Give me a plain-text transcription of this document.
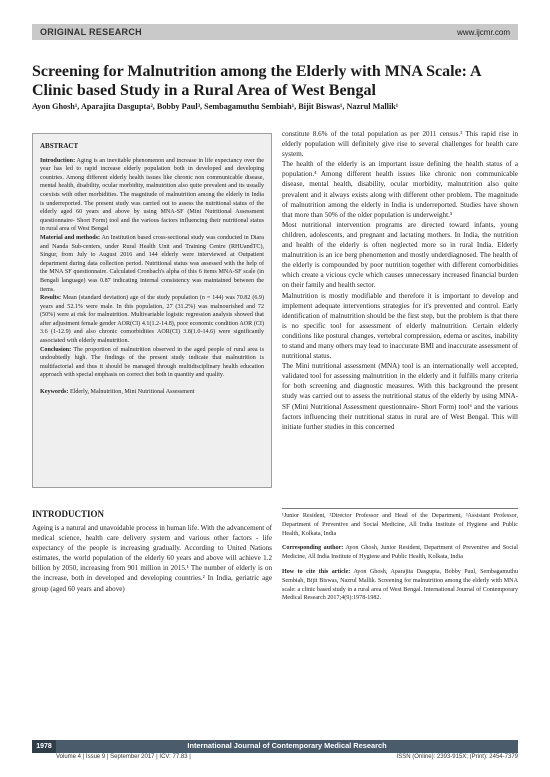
ORIGINAL RESEARCH	www.ijcmr.com
Screening for Malnutrition among the Elderly with MNA Scale: A Clinic based Study in a Rural Area of West Bengal
Ayon Ghosh¹, Aparajita Dasgupta², Bobby Paul³, Sembagamuthu Sembiah¹, Bijit Biswas¹, Nazrul Mallik¹
ABSTRACT

Introduction: Aging is an inevitable phenomenon and increase in life expectancy over the year has led to rapid increase elderly population both in developed and developing countries. Among different elderly health issues like chronic non communicable disease, mental health, disability, ocular morbidity, malnutrition also quite prevalent and its usually coexists with other morbidities. The magnitude of malnutrition among the elderly in India is underreported. The present study was carried out to assess the nutritional status of the elderly aged 60 years and above by using MNA-SF (Mini Nutritional Assessment questionnaire- Short Form) tool and the various factors influencing their nutritional status in rural area of West Bengal

Material and methods: An Institution based cross-sectional study was conducted in Diara and Nanda Sub-centers, under Rural Health Unit and Training Centre (RHUandTC), Singur, from July to August 2016 and 144 elderly were interviewed at Outpatient department during data collection period. Nutritional status was assessed with the help of the MNA SF questionnaire. Calculated Cronbach's alpha of this 6 items MNA-SF scale (in Bengali language) was 0.87 indicating internal consistency was maintained between the items.

Results: Mean (standard deviation) age of the study population (n = 144) was 70.82 (6.9) years and 52.1% were male. In this population, 27 (31.2%) was malnourished and 72 (50%) were at risk for malnutrition. Multivariable logistic regression analysis showed that after adjustment female gender AOR(CI) 4.1(1.2-14.8), poor economic condition AOR (CI) 3.6 (1-12.9) and also chronic comorbidities AOR(CI) 3.8(1.0-14.6) were significantly associated with elderly malnutrition.

Conclusion: The proportion of malnutrition observed in the aged people of rural area is undoubtedly high. The findings of the present study indicate that malnutrition is multifactorial and thus it should be managed through multidisciplinary health education approach with special emphasis on correct diet both in quantity and quality.

Keywords: Elderly, Malnutrition, Mini Nutritional Assessment

INTRODUCTION

Ageing is a natural and unavoidable process in human life. With the advancement of medical science, health care delivery system and various other factors - life expectancy of the people is increasing gradually. According to United Nations estimates, the world population of the elderly 60 years and above will achieve 1.2 billion by 2050, increasing from 901 million in 2015.¹ The number of elderly is on the increase, both in developed and developing countries.² In India, geriatric age group (aged 60 years and above)

constitute 8.6% of the total population as per 2011 census.³ This rapid rise in elderly population will definitely give rise to several challenges for health care system.

The health of the elderly is an important issue defining the health status of a population.⁴ Among different health issues like chronic non communicable disease, mental health, disability, ocular morbidity, malnutrition also quite prevalent and it always exists along with different other problem. The magnitude of malnutrition among the elderly in India is underreported. Studies have shown that more than 50% of the older population is underweight.⁵

Most nutritional intervention programs are directed toward infants, young children, adolescents, and pregnant and lactating mothers. In India, the nutrition and health of the elderly is often neglected more so in rural India. Elderly malnutrition is an ice berg phenomenon and mostly underdiagnosed. The health of the elderly is compounded by poor nutrition together with different comorbidities which create a vicious cycle which causes unnecessary increased financial burden on their family and health sector.

Malnutrition is mostly modifiable and therefore it is important to develop and implement adequate interventions strategies for it's prevented and control. Early identification of malnutrition should be the first step, but the problem is that there is no specific tool for assessment of elderly malnutrition. Certain elderly conditions like postural changes, vertebral compression, edema or ascites, inability to stand and many others may lead to inaccurate BMI and inaccurate assessment of nutritional status.

The Mini nutritional assessment (MNA) tool is an internationally well accepted, validated tool for assessing malnutrition in the elderly and it fulfills many criteria for both screening and diagnostic measures. With this background the present study was carried out to assess the nutritional status of the elderly by using MNA-SF (Mini Nutritional Assessment questionnaire- Short Form) tool⁶ and the various factors influencing their nutritional status in rural are of West Bengal. This will initiate further studies in this concerned

¹Junior Resident, ²Director Professor and Head of the Department, ³Assistant Professor, Department of Preventive and Social Medicine, All India Institute of Hygiene and Public Health, Kolkata, India

Corresponding author: Ayon Ghosh, Junior Resident, Department of Preventive and Social Medicine, All India Institute of Hygiene and Public Health, Kolkata, India

How to cite this article: Ayon Ghosh, Aparajita Dasgupta, Bobby Paul, Sembagamuthu Sembiah, Bijit Biswas, Nazrul Mallik. Screening for malnutrition among the elderly with MNA scale: a clinic based study in a rural area of West Bengal. International Journal of Contemporary Medical Research 2017;4(9):1978-1982.

1978	International Journal of Contemporary Medical Research
Volume 4 | Issue 9 | September 2017 | ICV: 77.83 |	ISSN (Online): 2393-915X; (Print): 2454-7379
